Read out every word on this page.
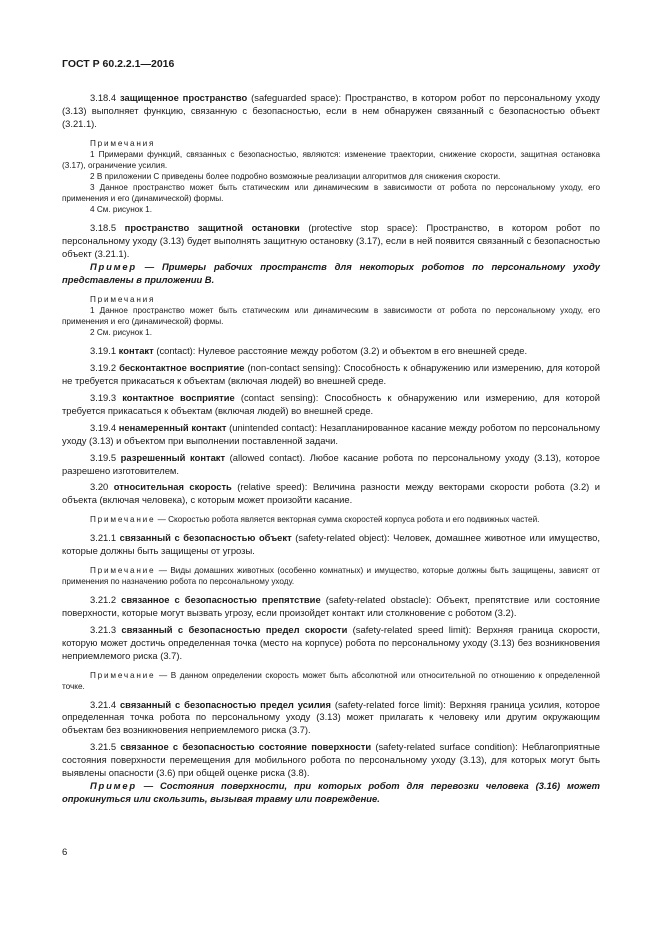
ГОСТ Р 60.2.2.1—2016

3.18.4 защищенное пространство (safeguarded space): Пространство, в котором робот по персональному уходу (3.13) выполняет функцию, связанную с безопасностью, если в нем обнаружен связанный с безопасностью объект (3.21.1).

Примечания

1 Примерами функций, связанных с безопасностью, являются: изменение траектории, снижение скорости, защитная остановка (3.17), ограничение усилия.

2 В приложении С приведены более подробно возможные реализации алгоритмов для снижения скорости.

3 Данное пространство может быть статическим или динамическим в зависимости от робота по персональному уходу, его применения и его (динамической) формы.

4 См. рисунок 1.

3.18.5 пространство защитной остановки (protective stop space): Пространство, в котором робот по персональному уходу (3.13) будет выполнять защитную остановку (3.17), если в ней появится связанный с безопасностью объект (3.21.1).

Пример — Примеры рабочих пространств для некоторых роботов по персональному уходу представлены в приложении В.

Примечания

1 Данное пространство может быть статическим или динамическим в зависимости от робота по персональному уходу, его применения и его (динамической) формы.

2 См. рисунок 1.

3.19.1 контакт (contact): Нулевое расстояние между роботом (3.2) и объектом в его внешней среде.

3.19.2 бесконтактное восприятие (non-contact sensing): Способность к обнаружению или измерению, для которой не требуется прикасаться к объектам (включая людей) во внешней среде.

3.19.3 контактное восприятие (contact sensing): Способность к обнаружению или измерению, для которой требуется прикасаться к объектам (включая людей) во внешней среде.

3.19.4 ненамеренный контакт (unintended contact): Незапланированное касание между роботом по персональному уходу (3.13) и объектом при выполнении поставленной задачи.

3.19.5 разрешенный контакт (allowed contact). Любое касание робота по персональному уходу (3.13), которое разрешено изготовителем.

3.20 относительная скорость (relative speed): Величина разности между векторами скорости робота (3.2) и объекта (включая человека), с которым может произойти касание.

Примечание — Скоростью робота является векторная сумма скоростей корпуса робота и его подвижных частей.

3.21.1 связанный с безопасностью объект (safety-related object): Человек, домашнее животное или имущество, которые должны быть защищены от угрозы.

Примечание — Виды домашних животных (особенно комнатных) и имущество, которые должны быть защищены, зависят от применения по назначению робота по персональному уходу.

3.21.2 связанное с безопасностью препятствие (safety-related obstacle): Объект, препятствие или состояние поверхности, которые могут вызвать угрозу, если произойдет контакт или столкновение с роботом (3.2).

3.21.3 связанный с безопасностью предел скорости (safety-related speed limit): Верхняя граница скорости, которую может достичь определенная точка (место на корпусе) робота по персональному уходу (3.13) без возникновения неприемлемого риска (3.7).

Примечание — В данном определении скорость может быть абсолютной или относительной по отношению к определенной точке.

3.21.4 связанный с безопасностью предел усилия (safety-related force limit): Верхняя граница усилия, которое определенная точка робота по персональному уходу (3.13) может прилагать к человеку или другим окружающим объектам без возникновения неприемлемого риска (3.7).

3.21.5 связанное с безопасностью состояние поверхности (safety-related surface condition): Неблагоприятные состояния поверхности перемещения для мобильного робота по персональному уходу (3.13), для которых могут быть выявлены опасности (3.6) при общей оценке риска (3.8).

Пример — Состояния поверхности, при которых робот для перевозки человека (3.16) может опрокинуться или скользить, вызывая травму или повреждение.

6
